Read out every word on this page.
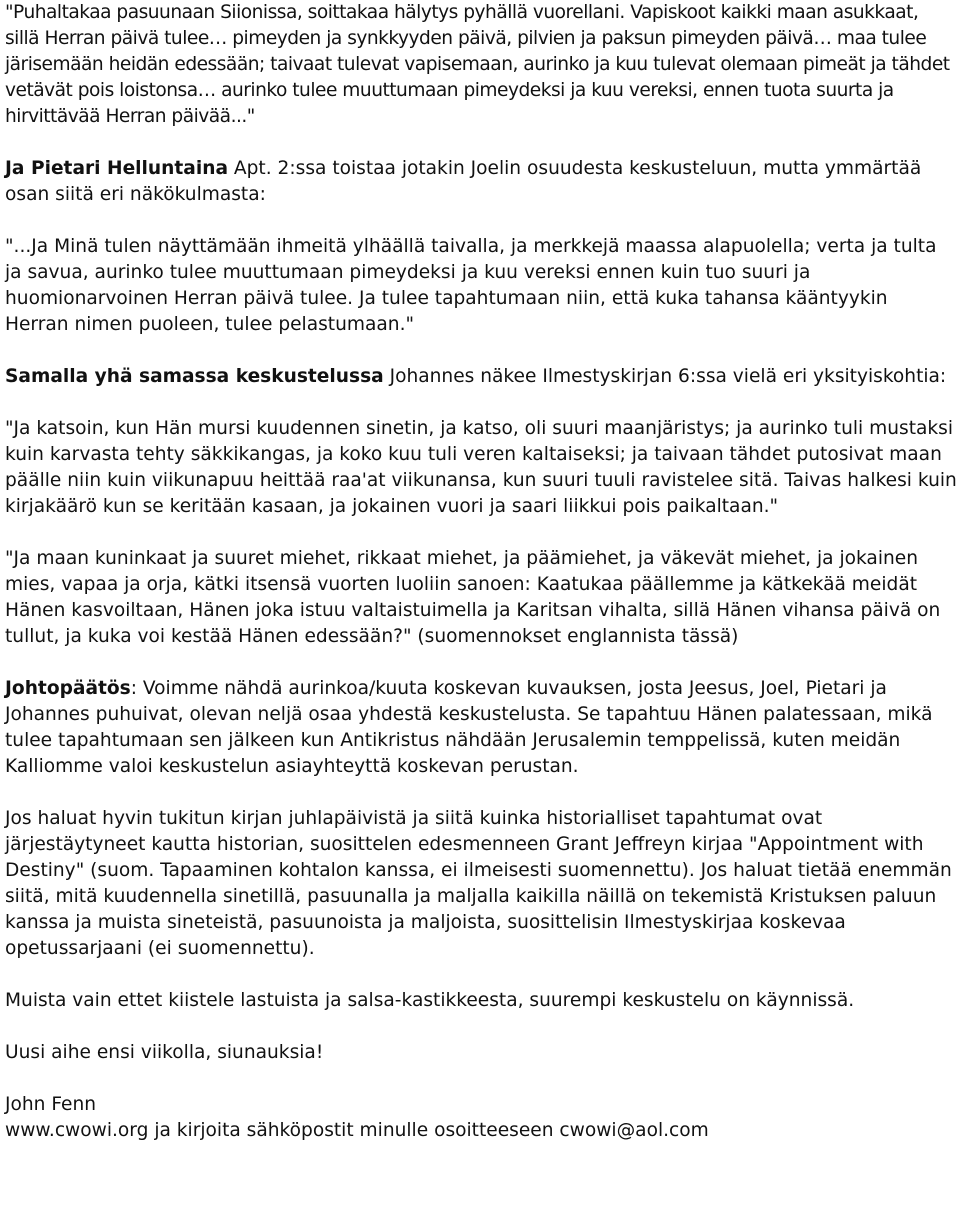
"Puhaltakaa pasuunaan Siionissa, soittakaa hälytys pyhällä vuorellani. Vapiskoot kaikki maan asukkaat, sillä Herran päivä tulee… pimeyden ja synkkyyden päivä, pilvien ja paksun pimeyden päivä… maa tulee järisemään heidän edessään; taivaat tulevat vapisemaan, aurinko ja kuu tulevat olemaan pimeät ja tähdet vetävät pois loistonsa… aurinko tulee muuttumaan pimeydeksi ja kuu vereksi, ennen tuota suurta ja hirvittävää Herran päivää..."

Ja Pietari Helluntaina Apt. 2:ssa toistaa jotakin Joelin osuudesta keskusteluun, mutta ymmärtää osan siitä eri näkökulmasta:

"...Ja Minä tulen näyttämään ihmeitä ylhäällä taivalla, ja merkkejä maassa alapuolella; verta ja tulta ja savua, aurinko tulee muuttumaan pimeydeksi ja kuu vereksi ennen kuin tuo suuri ja huomionarvoinen Herran päivä tulee. Ja tulee tapahtumaan niin, että kuka tahansa kääntyykin Herran nimen puoleen, tulee pelastumaan."

Samalla yhä samassa keskustelussa Johannes näkee Ilmestyskirjan 6:ssa vielä eri yksityiskohtia:

"Ja katsoin, kun Hän mursi kuudennen sinetin, ja katso, oli suuri maanjäristys; ja aurinko tuli mustaksi kuin karvasta tehty säkkikangas, ja koko kuu tuli veren kaltaiseksi; ja taivaan tähdet putosivat maan päälle niin kuin viikunapuu heittää raa'at viikunansa, kun suuri tuuli ravistelee sitä. Taivas halkesi kuin kirjakäärö kun se keritään kasaan, ja jokainen vuori ja saari liikkui pois paikaltaan."

"Ja maan kuninkaat ja suuret miehet, rikkaat miehet, ja päämiehet, ja väkevät miehet, ja jokainen mies, vapaa ja orja, kätki itsensä vuorten luoliin sanoen: Kaatukaa päällemme ja kätkekää meidät Hänen kasvoiltaan, Hänen joka istuu valtaistuimella ja Karitsan vihalta, sillä Hänen vihansa päivä on tullut, ja kuka voi kestää Hänen edessään?" (suomennokset englannista tässä)

Johtopäätös: Voimme nähdä aurinkoa/kuuta koskevan kuvauksen, josta Jeesus, Joel, Pietari ja Johannes puhuivat, olevan neljä osaa yhdestä keskustelusta. Se tapahtuu Hänen palatessaan, mikä tulee tapahtumaan sen jälkeen kun Antikristus nähdään Jerusalemin temppelissä, kuten meidän Kalliomme valoi keskustelun asiayhteyttä koskevan perustan.

Jos haluat hyvin tukitun kirjan juhlapäivistä ja siitä kuinka historialliset tapahtumat ovat järjestäytyneet kautta historian, suosittelen edesmenneen Grant Jeffreyn kirjaa "Appointment with Destiny" (suom. Tapaaminen kohtalon kanssa, ei ilmeisesti suomennettu). Jos haluat tietää enemmän siitä, mitä kuudennella sinetillä, pasuunalla ja maljalla kaikilla näillä on tekemistä Kristuksen paluun kanssa ja muista sineteistä, pasuunoista ja maljoista, suosittelisin Ilmestyskirjaa koskevaa opetussarjaani (ei suomennettu).

Muista vain ettet kiistele lastuista ja salsa-kastikkeesta, suurempi keskustelu on käynnissä.

Uusi aihe ensi viikolla, siunauksia!

John Fenn

www.cwowi.org ja kirjoita sähköpostit minulle osoitteeseen cwowi@aol.com
